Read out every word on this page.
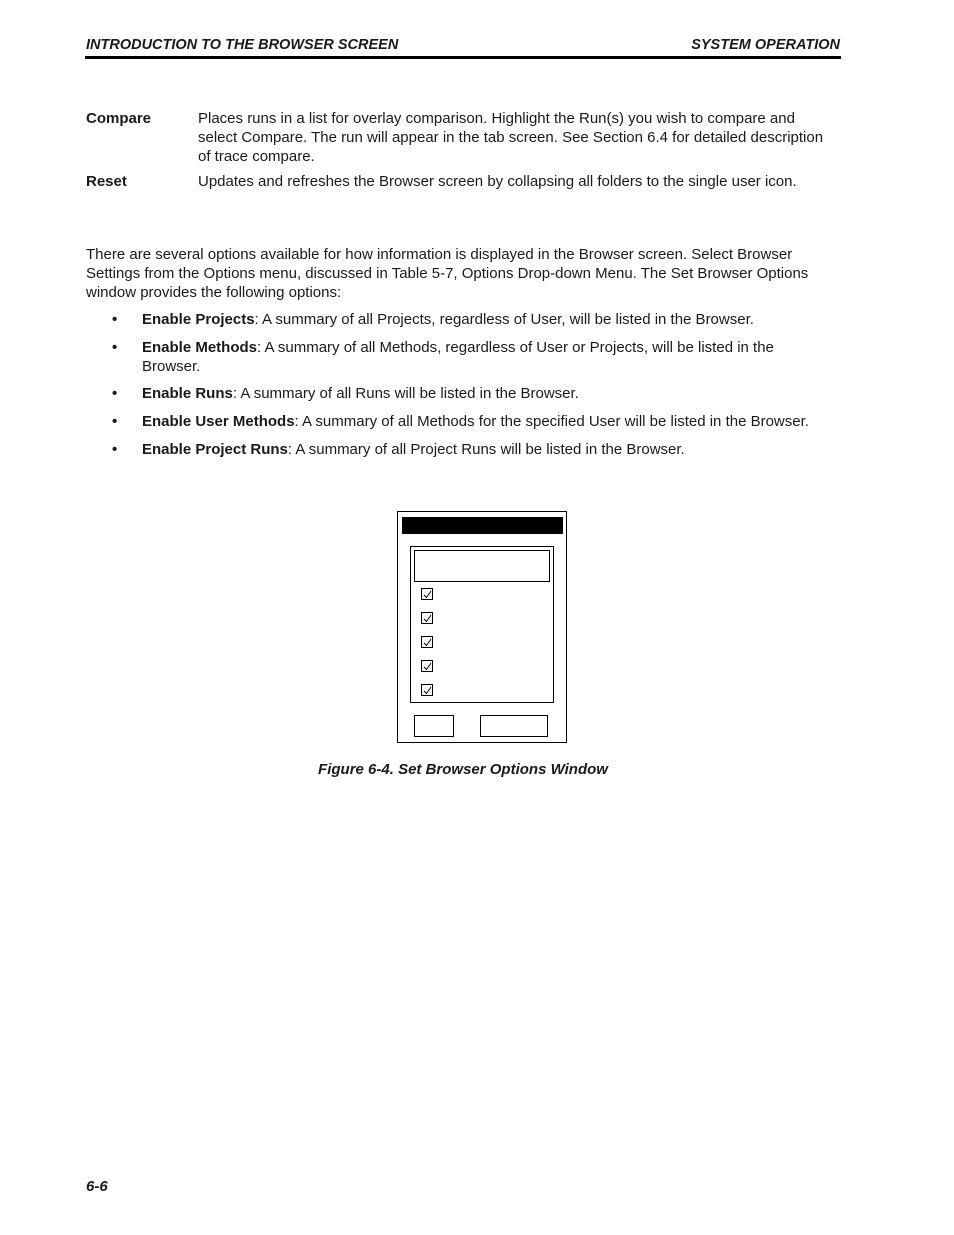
INTRODUCTION TO THE BROWSER SCREEN	SYSTEM OPERATION
Compare	Places runs in a list for overlay comparison. Highlight the Run(s) you wish to compare and select Compare. The run will appear in the tab screen. See Section 6.4 for detailed description of trace compare.
Reset	Updates and refreshes the Browser screen by collapsing all folders to the single user icon.
There are several options available for how information is displayed in the Browser screen. Select Browser Settings from the Options menu, discussed in Table 5-7, Options Drop-down Menu. The Set Browser Options window provides the following options:
• Enable Projects: A summary of all Projects, regardless of User, will be listed in the Browser.
• Enable Methods: A summary of all Methods, regardless of User or Projects, will be listed in the Browser.
• Enable Runs: A summary of all Runs will be listed in the Browser.
• Enable User Methods: A summary of all Methods for the specified User will be listed in the Browser.
• Enable Project Runs: A summary of all Project Runs will be listed in the Browser.
Figure 6-4. Set Browser Options Window
6-6
